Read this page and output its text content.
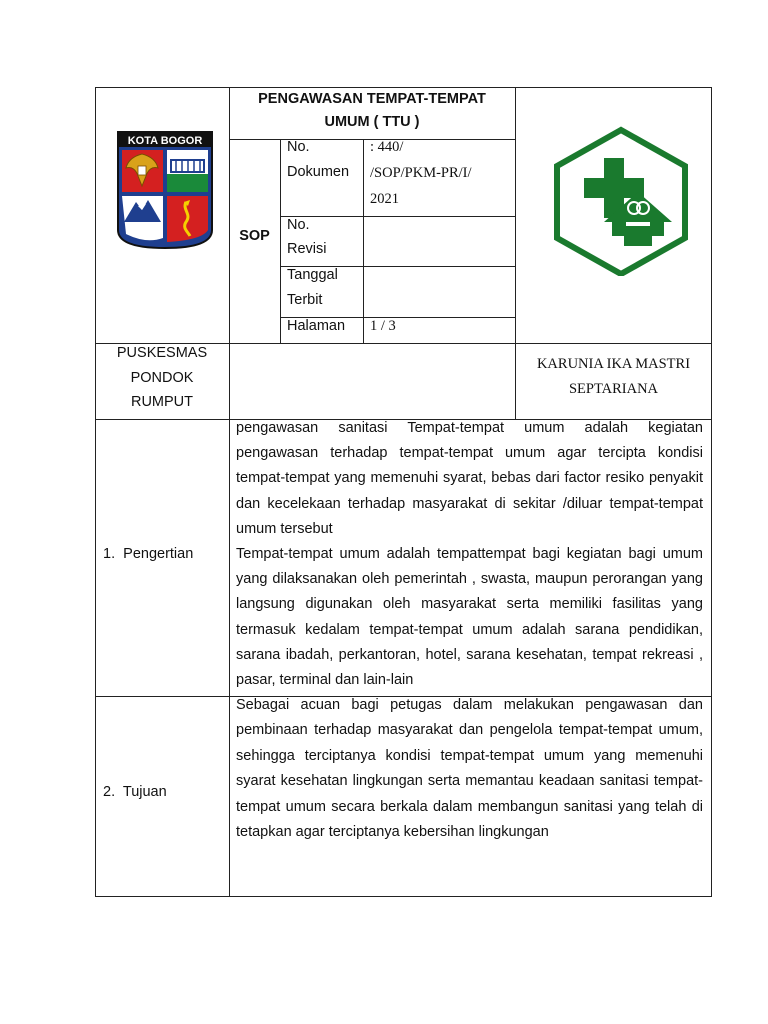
KOTA BOGOR
PENGAWASAN TEMPAT-TEMPAT
UMUM ( TTU )
SOP
No.
Dokumen
: 440/
/SOP/PKM-PR/I/
2021
No.
Revisi
Tanggal
Terbit
Halaman 1 / 3
PUSKESMAS
PONDOK
RUMPUT
KARUNIA IKA MASTRI
SEPTARIANA
1.  Pengertian

pengawasan sanitasi Tempat-tempat umum adalah kegiatan pengawasan terhadap tempat-tempat umum agar tercipta kondisi tempat-tempat yang memenuhi syarat, bebas dari factor resiko penyakit dan kecelekaan terhadap masyarakat di sekitar /diluar tempat-tempat umum tersebut

Tempat-tempat umum adalah tempattempat bagi kegiatan bagi umum yang dilaksanakan oleh pemerintah , swasta, maupun perorangan yang langsung digunakan oleh masyarakat serta memiliki fasilitas yang termasuk kedalam tempat-tempat umum adalah sarana pendidikan, sarana ibadah, perkantoran, hotel, sarana kesehatan, tempat rekreasi , pasar, terminal dan lain-lain

2.  Tujuan

Sebagai acuan bagi petugas dalam melakukan pengawasan dan pembinaan terhadap masyarakat dan pengelola tempat-tempat umum, sehingga terciptanya kondisi tempat-tempat umum yang memenuhi syarat kesehatan lingkungan serta memantau keadaan sanitasi tempat-tempat umum secara berkala dalam membangun sanitasi yang telah di tetapkan agar terciptanya kebersihan lingkungan
